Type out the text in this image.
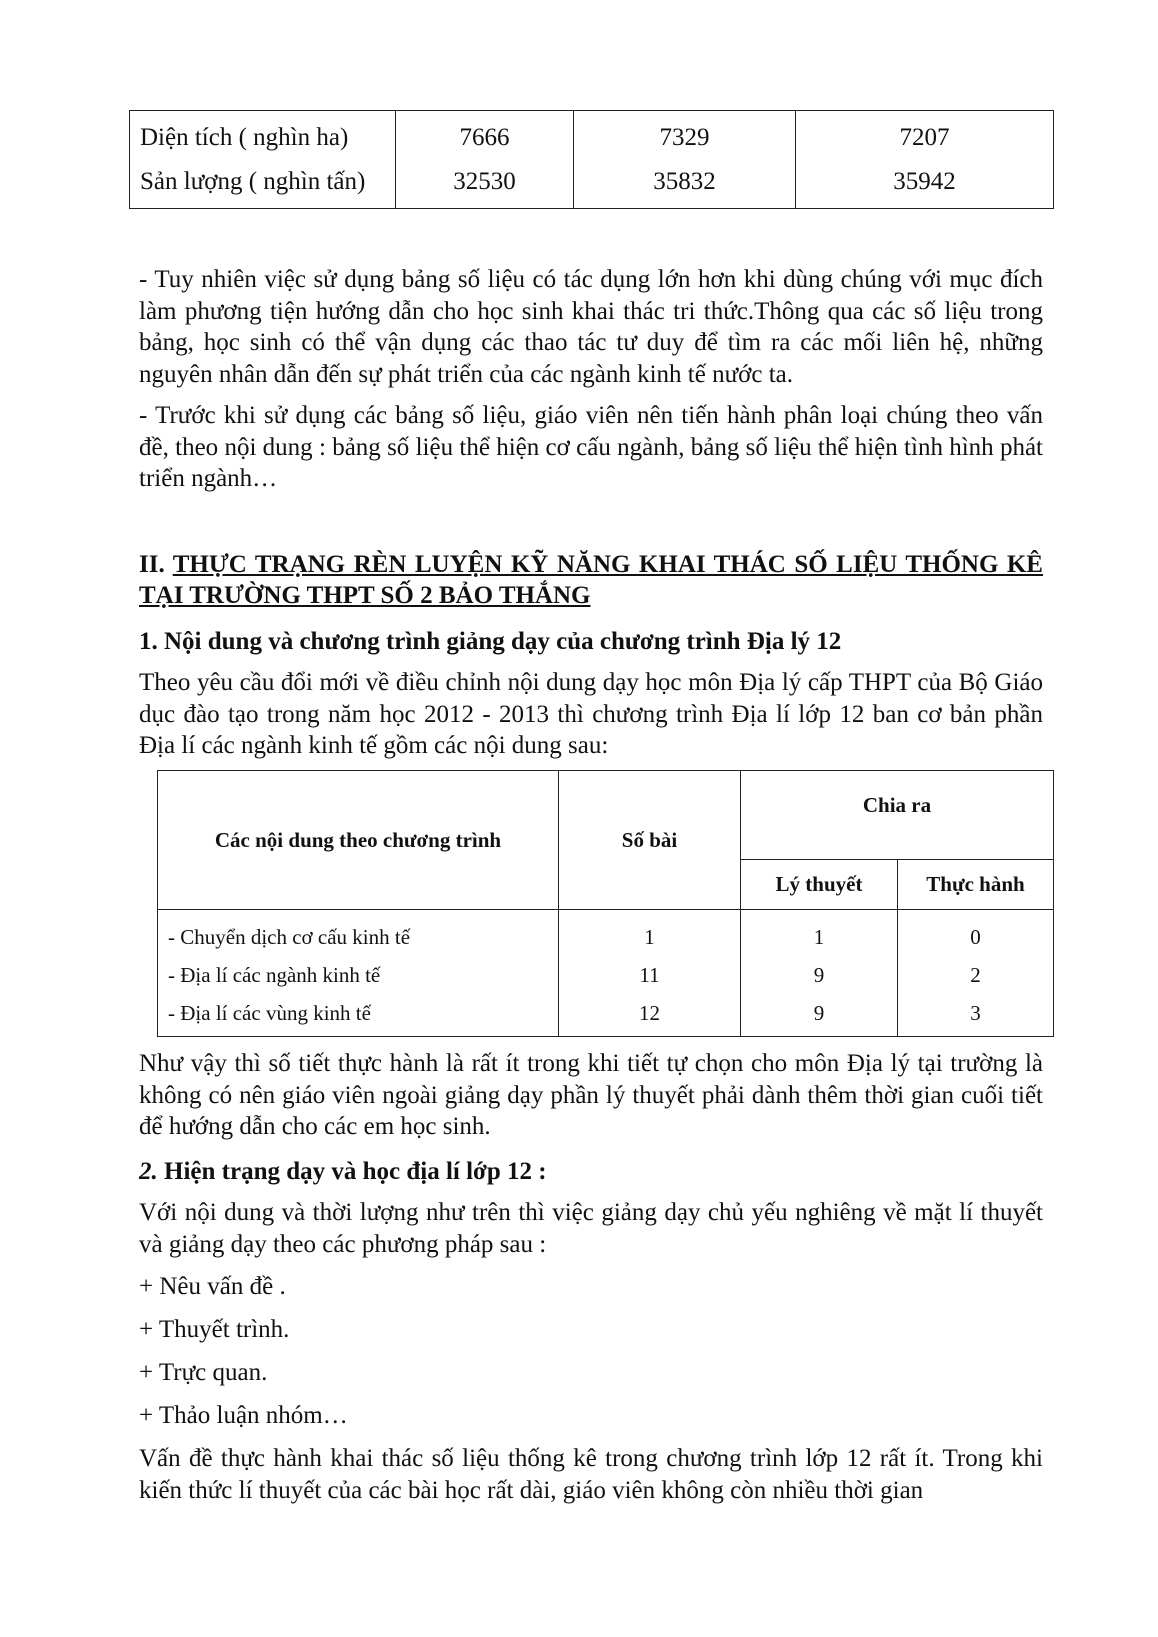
Diện tích ( nghìn ha)	7666	7329	7207
Sản lượng ( nghìn tấn)	32530	35832	35942

- Tuy nhiên việc sử dụng bảng số liệu có tác dụng lớn hơn khi dùng chúng với mục đích làm phương tiện hướng dẫn cho học sinh khai thác tri thức.Thông qua các số liệu trong bảng, học sinh có thể vận dụng các thao tác tư duy để tìm ra các mối liên hệ, những nguyên nhân dẫn đến sự phát triển của các ngành kinh tế nước ta.

- Trước khi sử dụng các bảng số liệu, giáo viên nên tiến hành phân loại chúng theo vấn đề, theo nội dung : bảng số liệu thể hiện cơ cấu ngành, bảng số liệu thể hiện tình hình phát triển ngành…

II. THỰC TRẠNG RÈN LUYỆN KỸ NĂNG KHAI THÁC SỐ LIỆU THỐNG KÊ TẠI TRƯỜNG THPT SỐ 2 BẢO THẮNG

1. Nội dung và chương trình giảng dạy của chương trình Địa lý 12

Theo yêu cầu đổi mới về điều chỉnh nội dung dạy học môn Địa lý cấp THPT của Bộ Giáo dục đào tạo trong năm học 2012 - 2013 thì chương trình Địa lí lớp 12 ban cơ bản phần Địa lí các ngành kinh tế gồm các nội dung sau:

Các nội dung theo chương trình	Số bài	Chia ra	
		Lý thuyết	Thực hành
- Chuyển dịch cơ cấu kinh tế	1	1	0
- Địa lí các ngành kinh tế	11	9	2
- Địa lí các vùng kinh tế	12	9	3

Như vậy thì số tiết thực hành là rất ít trong khi tiết tự chọn cho môn Địa lý tại trường là không có nên giáo viên ngoài giảng dạy phần lý thuyết phải dành thêm thời gian cuối tiết để hướng dẫn cho các em học sinh.

2. Hiện trạng dạy và học địa lí lớp 12 :

Với nội dung và thời lượng như trên thì việc giảng dạy chủ yếu nghiêng về mặt lí thuyết và giảng dạy theo các phương pháp sau :

+ Nêu vấn đề .

+ Thuyết trình.

+ Trực quan.

+ Thảo luận nhóm…

Vấn đề thực hành khai thác số liệu thống kê trong chương trình lớp 12 rất ít. Trong khi kiến thức lí thuyết của các bài học rất dài, giáo viên không còn nhiều thời gian
